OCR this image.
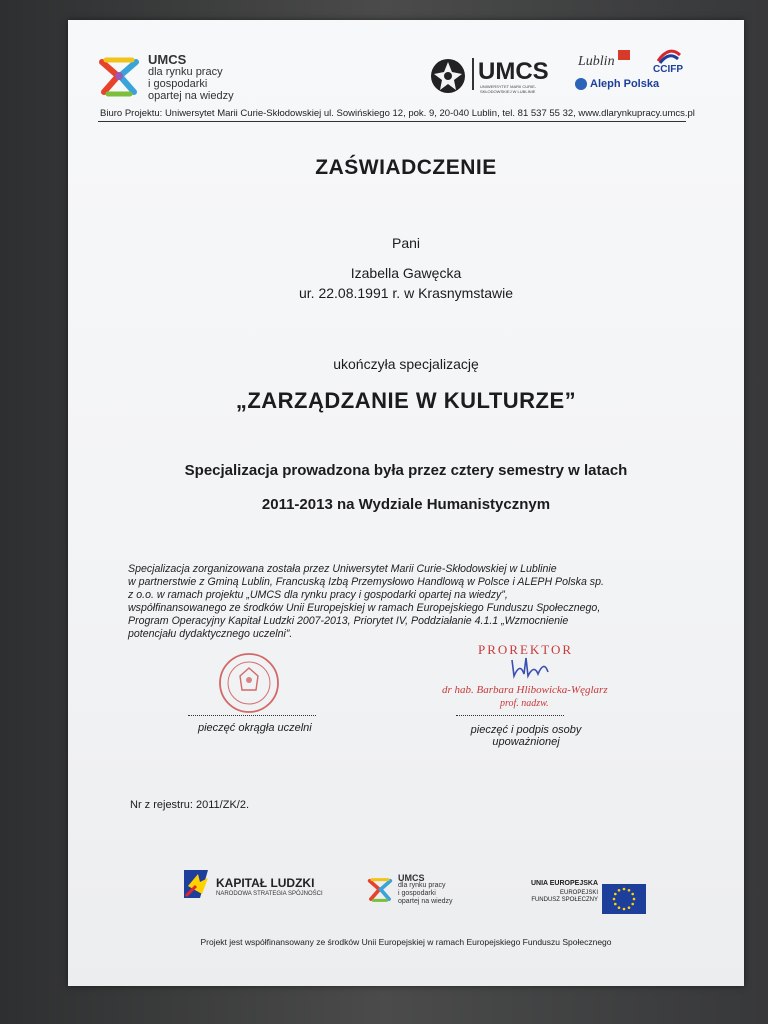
UMCS
dla rynku pracy
i gospodarki
opartej na wiedzy
UMCS
UNIWERSYTET MARII CURIE-SKŁODOWSKIEJ W LUBLINIE
Lublin
CCIFP
Aleph Polska
Biuro Projektu: Uniwersytet Marii Curie-Skłodowskiej ul. Sowińskiego 12, pok. 9, 20-040 Lublin, tel. 81 537 55 32, www.dlarynkupracy.umcs.pl
ZAŚWIADCZENIE
Pani
Izabella Gawęcka
ur. 22.08.1991 r. w Krasnymstawie
ukończyła specjalizację
„ZARZĄDZANIE W KULTURZE”
Specjalizacja prowadzona była przez cztery semestry w latach
2011-2013 na Wydziale Humanistycznym
Specjalizacja zorganizowana została przez Uniwersytet Marii Curie-Skłodowskiej w Lublinie
w partnerstwie z Gminą Lublin, Francuską Izbą Przemysłowo Handlową w Polsce i ALEPH Polska sp.
z o.o. w ramach projektu „UMCS dla rynku pracy i gospodarki opartej na wiedzy”,
współfinansowanego ze środków Unii Europejskiej w ramach Europejskiego Funduszu Społecznego,
Program Operacyjny Kapitał Ludzki 2007-2013, Priorytet IV, Poddziałanie 4.1.1 „Wzmocnienie
potencjału dydaktycznego uczelni”.
pieczęć okrągła uczelni
PROREKTOR
dr hab. Barbara Hlibowicka-Węglarz
prof. nadzw.
pieczęć i podpis osoby
upoważnionej
Nr z rejestru: 2011/ZK/2.
KAPITAŁ LUDZKI
NARODOWA STRATEGIA SPÓJNOŚCI
UMCS
dla rynku pracy
i gospodarki
opartej na wiedzy
UNIA EUROPEJSKA
EUROPEJSKI
FUNDUSZ SPOŁECZNY
Projekt jest współfinansowany ze środków Unii Europejskiej w ramach Europejskiego Funduszu Społecznego
